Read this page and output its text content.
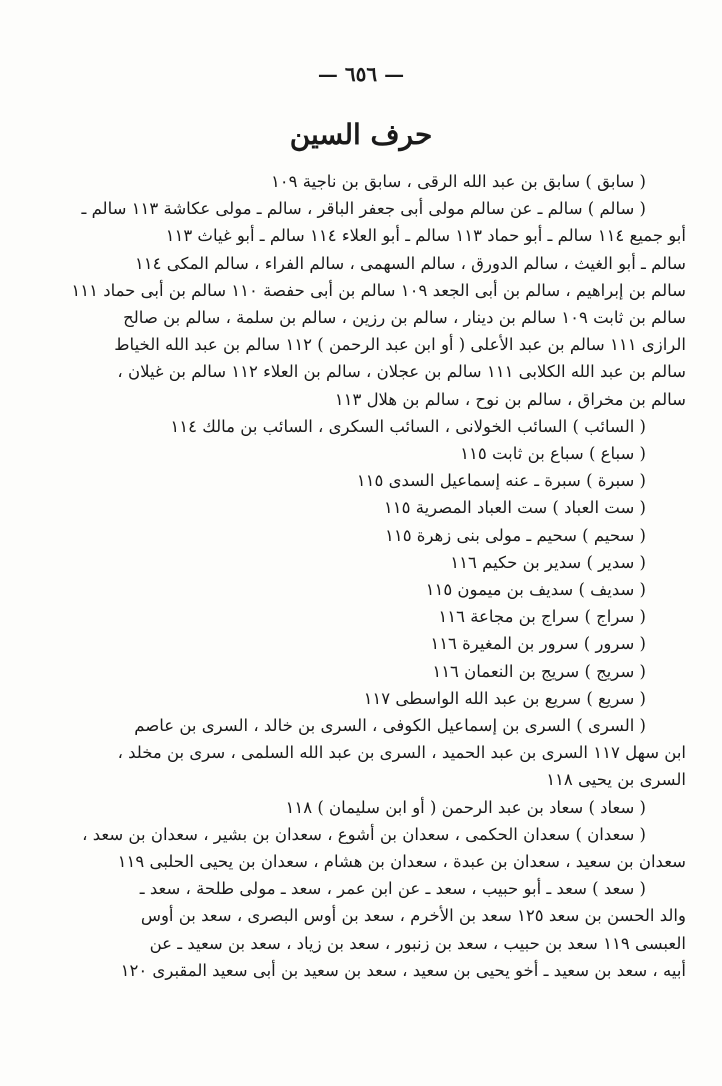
— ٦٥٦ —
حرف السين
( سابق ) سابق بن عبد الله الرقى ، سابق بن ناجية ١٠٩
( سالم ) سالم ـ عن سالم مولى أبى جعفر الباقر ، سالم ـ مولى عكاشة ١١٣ سالم ـ
أبو جميع ١١٤ سالم ـ أبو حماد ١١٣ سالم ـ أبو العلاء ١١٤ سالم ـ أبو غياث ١١٣
سالم ـ أبو الغيث ، سالم الدورق ، سالم السهمى ، سالم الفراء ، سالم المكى ١١٤
سالم بن إبراهيم ، سالم بن أبى الجعد ١٠٩ سالم بن أبى حفصة ١١٠ سالم بن أبى حماد ١١١
سالم بن ثابت ١٠٩ سالم بن دينار ، سالم بن رزين ، سالم بن سلمة ، سالم بن صالح
الرازى ١١١ سالم بن عبد الأعلى ( أو ابن عبد الرحمن ) ١١٢ سالم بن عبد الله الخياط
سالم بن عبد الله الكلابى ١١١ سالم بن عجلان ، سالم بن العلاء ١١٢ سالم بن غيلان ،
سالم بن مخراق ، سالم بن نوح ، سالم بن هلال ١١٣
( السائب ) السائب الخولانى ، السائب السكرى ، السائب بن مالك ١١٤
( سباع ) سباع بن ثابت ١١٥
( سبرة ) سبرة ـ عنه إسماعيل السدى ١١٥
( ست العباد ) ست العباد المصرية ١١٥
( سحيم ) سحيم ـ مولى بنى زهرة ١١٥
( سدير ) سدير بن حكيم ١١٦
( سديف ) سديف بن ميمون ١١٥
( سراج ) سراج بن مجاعة ١١٦
( سرور ) سرور بن المغيرة ١١٦
( سريج ) سريج بن النعمان ١١٦
( سريع ) سريع بن عبد الله الواسطى ١١٧
( السرى ) السرى بن إسماعيل الكوفى ، السرى بن خالد ، السرى بن عاصم
ابن سهل ١١٧ السرى بن عبد الحميد ، السرى بن عبد الله السلمى ، سرى بن مخلد ،
السرى بن يحيى ١١٨
( سعاد ) سعاد بن عبد الرحمن ( أو ابن سليمان ) ١١٨
( سعدان ) سعدان الحكمى ، سعدان بن أشوع ، سعدان بن بشير ، سعدان بن سعد ،
سعدان بن سعيد ، سعدان بن عبدة ، سعدان بن هشام ، سعدان بن يحيى الحلبى ١١٩
( سعد ) سعد ـ أبو حبيب ، سعد ـ عن ابن عمر ، سعد ـ مولى طلحة ، سعد ـ
والد الحسن بن سعد ١٢٥ سعد بن الأخرم ، سعد بن أوس البصرى ، سعد بن أوس
العبسى ١١٩ سعد بن حبيب ، سعد بن زنبور ، سعد بن زياد ، سعد بن سعيد ـ عن
أبيه ، سعد بن سعيد ـ أخو يحيى بن سعيد ، سعد بن سعيد بن أبى سعيد المقبرى ١٢٠
